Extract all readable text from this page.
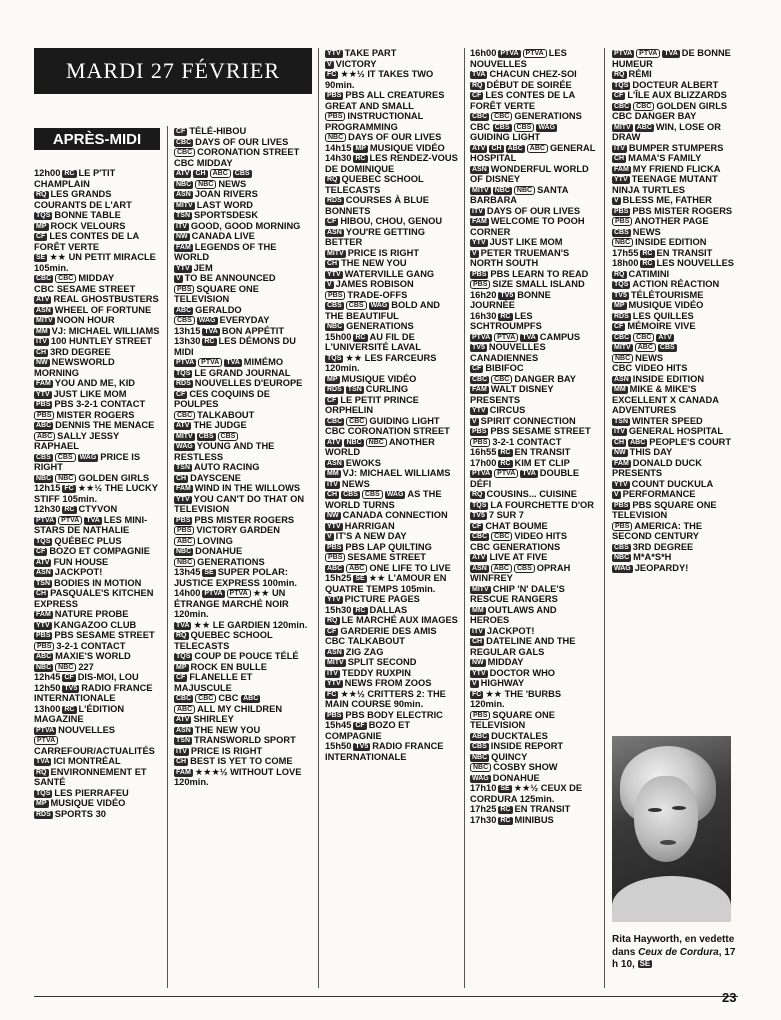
MARDI 27 FÉVRIER
APRÈS-MIDI
12h00 RC LE P'TIT CHAMPLAIN
RQ LES GRANDS COURANTS DE L'ART
TQS BONNE TABLE
MP ROCK VELOURS
CF LES CONTES DE LA FORÊT VERTE
SE ★★ UN PETIT MIRACLE 105min.
CBC CBC MIDDAY
CBC SESAME STREET
ATV REAL GHOSTBUSTERS
ASN WHEEL OF FORTUNE
MITV NOON HOUR
MM VJ: MICHAEL WILLIAMS
ITV 100 HUNTLEY STREET
CH 3RD DEGREE
NW NEWSWORLD MORNING
FAM YOU AND ME, KID
YTV JUST LIKE MOM
PBS PBS 3-2-1 CONTACT
PBS MISTER ROGERS
ABC DENNIS THE MENACE
ABC SALLY JESSY RAPHAEL
CBS CBS WAG PRICE IS RIGHT
NBC NBC GOLDEN GIRLS
12h15 FC ★★½ THE LUCKY STIFF 105min.
12h30 RC CTYVON
PTVA PTVA TVA LES MINI-STARS DE NATHALIE
TQS QUÉBEC PLUS
CF BOZO ET COMPAGNIE
ATV FUN HOUSE
ASN JACKPOT!
TSN BODIES IN MOTION
CH PASQUALE'S KITCHEN EXPRESS
FAM NATURE PROBE
YTV KANGAZOO CLUB
PBS PBS SESAME STREET
PBS 3-2-1 CONTACT
ABC MAXIE'S WORLD
NBC NBC 227
12h45 CF DIS-MOI, LOU
12h50 TV5 RADIO FRANCE INTERNATIONALE
13h00 RC L'ÉDITION MAGAZINE
PTVA NOUVELLES
PTVACARREFOUR/ACTUALITÉS
TVA ICI MONTRÉAL
RQ ENVIRONNEMENT ET SANTÉ
TQS LES PIERRAFEU
MP MUSIQUE VIDÉO
RDS SPORTS 30
CF TÉLÉ-HIBOU
CBC DAYS OF OUR LIVES
CBC CORONATION STREET
CBC MIDDAY
ATV CH ABC CBS
NBC NBC NEWS
ASN JOAN RIVERS
MITV LAST WORD
TSN SPORTSDESK
ITV GOOD, GOOD MORNING
NW CANADA LIVE
FAM LEGENDS OF THE WORLD
YTV JEM
V TO BE ANNOUNCED
PBS SQUARE ONE TELEVISION
ABC GERALDO
CBS WAG EVERYDAY
13h15 TVA BON APPÉTIT
13h30 RC LES DÉMONS DU MIDI
PTVA PTVA TVA MIMÉMO
TQS LE GRAND JOURNAL
RDS NOUVELLES D'EUROPE
CF CES COQUINS DE POULPES
CBC TALKABOUT
ATV THE JUDGE
MITV CBS CBS
WAG YOUNG AND THE RESTLESS
TSN AUTO RACING
CH DAYSCENE
FAM WIND IN THE WILLOWS
YTV YOU CAN'T DO THAT ON TELEVISION
PBS PBS MISTER ROGERS
PBS VICTORY GARDEN
ABC LOVING
NBC DONAHUE
NBC GENERATIONS
13h45 SE SUPER POLAR: JUSTICE EXPRESS 100min.
14h00 PTVA PTVA ★★ UN ÉTRANGE MARCHÉ NOIR 120min.
TVA ★★ LE GARDIEN 120min.
RQ QUEBEC SCHOOL TELECASTS
TQS COUP DE POUCE TÉLÉ
MP ROCK EN BULLE
CF FLANELLE ET MAJUSCULE
CBC CBC CBC ABC
ABC ALL MY CHILDREN
ATV SHIRLEY
ASN THE NEW YOU
TSN TRANSWORLD SPORT
ITV PRICE IS RIGHT
CH BEST IS YET TO COME
FAM ★★★½ WITHOUT LOVE 120min.
YTV TAKE PART
V VICTORY
FC ★★½ IT TAKES TWO 90min.
PBS PBS ALL CREATURES GREAT AND SMALL
PBS INSTRUCTIONAL PROGRAMMING
NBC DAYS OF OUR LIVES
14h15 MP MUSIQUE VIDÉO
14h30 RC LES RENDEZ-VOUS DE DOMINIQUE
RQ QUEBEC SCHOOL TELECASTS
RDS COURSES À BLUE BONNETS
CF HIBOU, CHOU, GENOU
ASN YOU'RE GETTING BETTER
MITV PRICE IS RIGHT
CH THE NEW YOU
YTV WATERVILLE GANG
V JAMES ROBISON
PBS TRADE-OFFS
CBS CBS WAG BOLD AND THE BEAUTIFUL
NBC GENERATIONS
15h00 RC AU FIL DE L'UNIVERSITÉ LAVAL
TQS ★★ LES FARCEURS 120min.
MP MUSIQUE VIDÉO
RDS TSN CURLING
CF LE PETIT PRINCE ORPHELIN
CBC CBC GUIDING LIGHT
CBC CORONATION STREET
ATV NBC NBC ANOTHER WORLD
ASN EWOKS
MM VJ: MICHAEL WILLIAMS
ITV NEWS
CH CBS CBS WAG AS THE WORLD TURNS
NW CANADA CONNECTION
YTV HARRIGAN
V IT'S A NEW DAY
PBS PBS LAP QUILTING
PBS SESAME STREET
ABC ABC ONE LIFE TO LIVE
15h25 SE ★★ L'AMOUR EN QUATRE TEMPS 105min.
YTV PICTURE PAGES
15h30 RC DALLAS
RQ LE MARCHÉ AUX IMAGES
CF GARDERIE DES AMIS
CBC TALKABOUT
ASN ZIG ZAG
MITV SPLIT SECOND
ITV TEDDY RUXPIN
YTV NEWS FROM ZOOS
FC ★★½ CRITTERS 2: THE MAIN COURSE 90min.
PBS PBS BODY ELECTRIC
15h45 CF BOZO ET COMPAGNIE
15h50 TV5 RADIO FRANCE INTERNATIONALE
16h00 PTVA PTVA LES NOUVELLES
TVA CHACUN CHEZ-SOI
RQ DÉBUT DE SOIRÉE
CF LES CONTES DE LA FORÊT VERTE
CBC CBC GENERATIONS
CBC CBS CBS WAGGUIDING LIGHT
ATV CH ABC ABC GENERAL HOSPITAL
ASN WONDERFUL WORLD OF DISNEY
MITV NBC NBC SANTA BARBARA
ITV DAYS OF OUR LIVES
FAM WELCOME TO POOH CORNER
YTV JUST LIKE MOM
V PETER TRUEMAN'S NORTH SOUTH
PBS PBS LEARN TO READ
PBS SIZE SMALL ISLAND
16h20 TV5 BONNE JOURNÉE
16h30 RC LES SCHTROUMPFS
PTVA PTVA TVA CAMPUS
TV5 NOUVELLES CANADIENNES
CF BIBIFOC
CBC CBC DANGER BAY
FAM WALT DISNEY PRESENTS
YTV CIRCUS
V SPIRIT CONNECTION
PBS PBS SESAME STREET
PBS 3-2-1 CONTACT
16h55 RC EN TRANSIT
17h00 RC KIM ET CLIP
PTVA PTVA TVA DOUBLE DÉFI
RQ COUSINS... CUISINE
TQS LA FOURCHETTE D'OR
TV5 7 SUR 7
CF CHAT BOUME
CBC CBC VIDEO HITS
CBC GENERATIONS
ATV LIVE AT FIVE
ASN ABC CBS OPRAH WINFREY
MITV CHIP 'N' DALE'S RESCUE RANGERS
MM OUTLAWS AND HEROES
ITV JACKPOT!
CH DATELINE AND THE REGULAR GALS
NW MIDDAY
YTV DOCTOR WHO
V HIGHWAY
FC ★★ THE 'BURBS 120min.
PBS SQUARE ONE TELEVISION
ABC DUCKTALES
CBS INSIDE REPORT
NBC QUINCY
NBC COSBY SHOW
WAG DONAHUE
17h10 SE ★★½ CEUX DE CORDURA 125min.
17h25 RC EN TRANSIT
17h30 RC MINIBUS
PTVA PTVA TVA DE BONNE HUMEUR
RQ RÉMI
TQS DOCTEUR ALBERT
CF L'ÎLE AUX BLIZZARDS
CBC CBC GOLDEN GIRLS
CBC DANGER BAY
MITV ABC WIN, LOSE OR DRAW
ITV BUMPER STUMPERS
CH MAMA'S FAMILY
FAM MY FRIEND FLICKA
YTV TEENAGE MUTANT NINJA TURTLES
V BLESS ME, FATHER
PBS PBS MISTER ROGERS
PBS ANOTHER PAGE
CBS NEWS
NBC INSIDE EDITION
17h55 RC EN TRANSIT
18h00 RC LES NOUVELLES
RQ CATIMINI
TQS ACTION RÉACTION
TV5 TÉLÉTOURISME
MP MUSIQUE VIDÉO
RDS LES QUILLES
CF MÉMOIRE VIVE
CBC CBC ATV
MITV ABC CBS
NBC NEWS
CBC VIDEO HITS
ASN INSIDE EDITION
MM MIKE & MIKE'S EXCELLENT X CANADA ADVENTURES
TSN WINTER SPEED
ITV GENERAL HOSPITAL
CH ABC PEOPLE'S COURT
NW THIS DAY
FAM DONALD DUCK PRESENTS
YTV COUNT DUCKULA
V PERFORMANCE
PBS PBS SQUARE ONE TELEVISION
PBS AMERICA: THE SECOND CENTURY
CBS 3RD DEGREE
NBC M*A*S*H
WAG JEOPARDY!
Rita Hayworth, en vedette dans Ceux de Cordura, 17 h 10, SE
23
